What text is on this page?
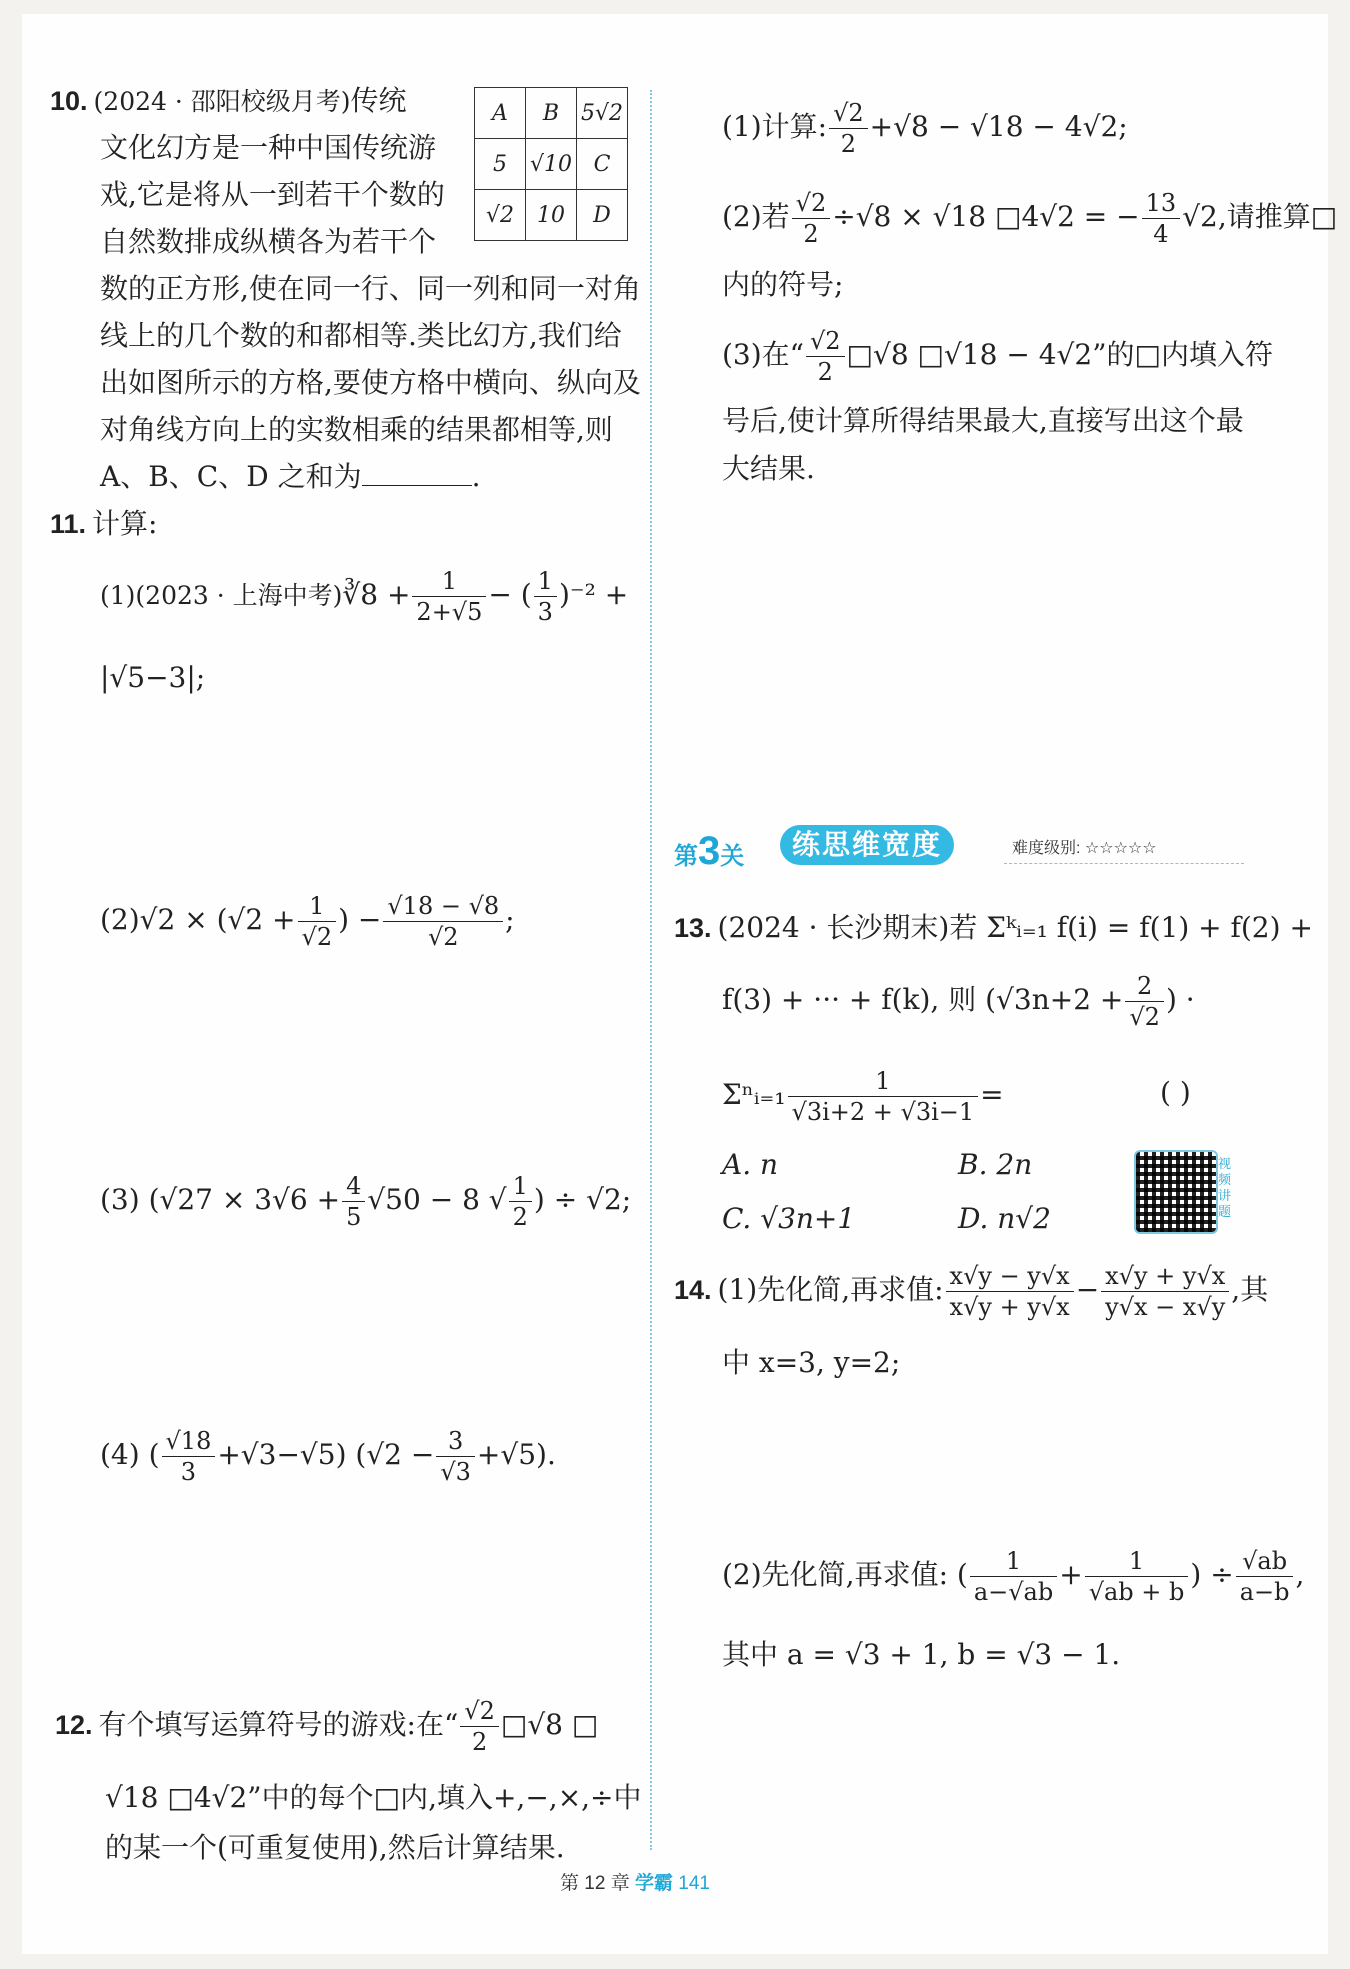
10. (2024 · 邵阳校级月考)传统
文化幻方是一种中国传统游
戏,它是将从一到若干个数的
自然数排成纵横各为若干个
数的正方形,使在同一行、同一列和同一对角
线上的几个数的和都相等.类比幻方,我们给
出如图所示的方格,要使方格中横向、纵向及
对角线方向上的实数相乘的结果都相等,则
A、B、C、D 之和为	.
A	B	5√2
5	√10	C
√2	10	D
11. 计算:
(1)(2023 · 上海中考)∛8 + $\frac{1}{2+√5}$ − ( $\frac{1}{3} )^{-2}$ +
|√5−3|;
$(2)√2 \times (√2 + \frac{1}{√2}$ ) − $\frac{√18 - √8}{√2}$ ;
(3) ($√27 \times 3√6 + \frac{4}{5} √50 - 8$ √ $\frac{1}{2}$ ) ÷ √2;
(4) ( $\frac{√18}{3} +√3-√5$) $(√2 - \frac{3}{√3} +√5)$.
12. 有个填写运算符号的游戏:在“ $\frac{√2}{2}$ □√8 □
√18 □4√2”中的每个□内,填入+,−,×,÷中
的某一个(可重复使用),然后计算结果.
(1)计算: $\frac{√2}{2} +√8 - √18 - 4√2$;
(2)若 $\frac{√2}{2} \div√8 \times √18$ □4√2 = − $\frac{13}{4} √2$,请推算□
内的符号;
(3)在“ $\frac{√2}{2}$ □√8 □√18 − 4√2”的□内填入符
号后,使计算所得结果最大,直接写出这个最
大结果.
第3关	练思维宽度	难度级别: ☆☆☆☆☆
13. (2024 · 长沙期末)若 Σᵏᵢ₌₁ f(i) = f(1) + f(2) +
f(3) + ··· + f(k), 则 ($√3n+2 + \frac{2}{√2}$ ) ·
Σⁿᵢ₌₁ $\frac{1}{√3i+2 + √3i-1}$ =	( )
A. n	B. 2n
C. √3n+1	D. n√2
视频讲题
14. (1)先化简,再求值: $\frac{x√y - y√x}{x√y + y√x} - \frac{x√y + y√x}{y√x - x√y}$ ,其
中 x=3, y=2;
(2)先化简,再求值: ( $\frac{1}{a-√ab} + \frac{1}{√ab + b}$ ) ÷ $\frac{√ab}{a-b}$ ,
其中 a = √3 + 1, b = √3 − 1.
第 12 章 学霸 141
